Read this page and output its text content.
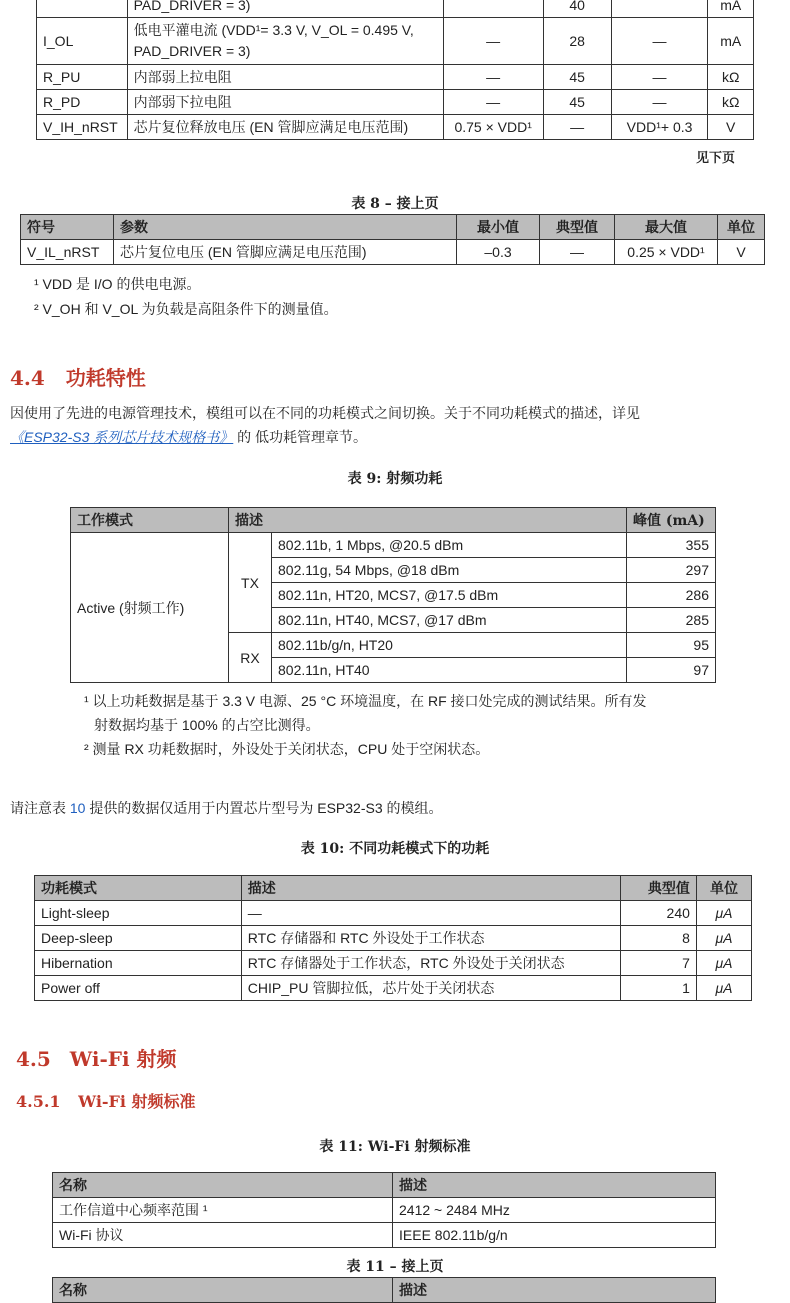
	PAD_DRIVER = 3)		40		mA
I_OL	低电平灌电流 (VDD¹= 3.3 V, V_OL = 0.495 V,
PAD_DRIVER = 3)	—	28	—	mA
R_PU	内部弱上拉电阻	—	45	—	kΩ
R_PD	内部弱下拉电阻	—	45	—	kΩ
V_IH_nRST	芯片复位释放电压 (EN 管脚应满足电压范围)	0.75 × VDD¹	—	VDD¹+ 0.3	V
见下页
表 8 – 接上页
符号	参数	最小值	典型值	最大值	单位
V_IL_nRST	芯片复位电压 (EN 管脚应满足电压范围)	–0.3	—	0.25 × VDD¹	V
¹ VDD 是 I/O 的供电电源。
² V_OH 和 V_OL 为负载是高阻条件下的测量值。
4.4 功耗特性
因使用了先进的电源管理技术，模组可以在不同的功耗模式之间切换。关于不同功耗模式的描述，详见
《ESP32-S3 系列芯片技术规格书》 的 低功耗管理章节。
表 9: 射频功耗
工作模式	描述		峰值 (mA)
Active (射频工作)	TX	802.11b, 1 Mbps, @20.5 dBm	355
		802.11g, 54 Mbps, @18 dBm	297
		802.11n, HT20, MCS7, @17.5 dBm	286
		802.11n, HT40, MCS7, @17 dBm	285
	RX	802.11b/g/n, HT20	95
		802.11n, HT40	97
¹ 以上功耗数据是基于 3.3 V 电源、25 °C 环境温度，在 RF 接口处完成的测试结果。所有发
射数据均基于 100% 的占空比测得。
² 测量 RX 功耗数据时，外设处于关闭状态，CPU 处于空闲状态。
请注意表 10 提供的数据仅适用于内置芯片型号为 ESP32-S3 的模组。
表 10: 不同功耗模式下的功耗
功耗模式	描述	典型值	单位
Light-sleep	—	240	μA
Deep-sleep	RTC 存储器和 RTC 外设处于工作状态	8	μA
Hibernation	RTC 存储器处于工作状态，RTC 外设处于关闭状态	7	μA
Power off	CHIP_PU 管脚拉低，芯片处于关闭状态	1	μA
4.5 Wi-Fi 射频
4.5.1 Wi-Fi 射频标准
表 11: Wi-Fi 射频标准
名称	描述
工作信道中心频率范围 ¹	2412 ~ 2484 MHz
Wi-Fi 协议	IEEE 802.11b/g/n
表 11 – 接上页
名称	描述
